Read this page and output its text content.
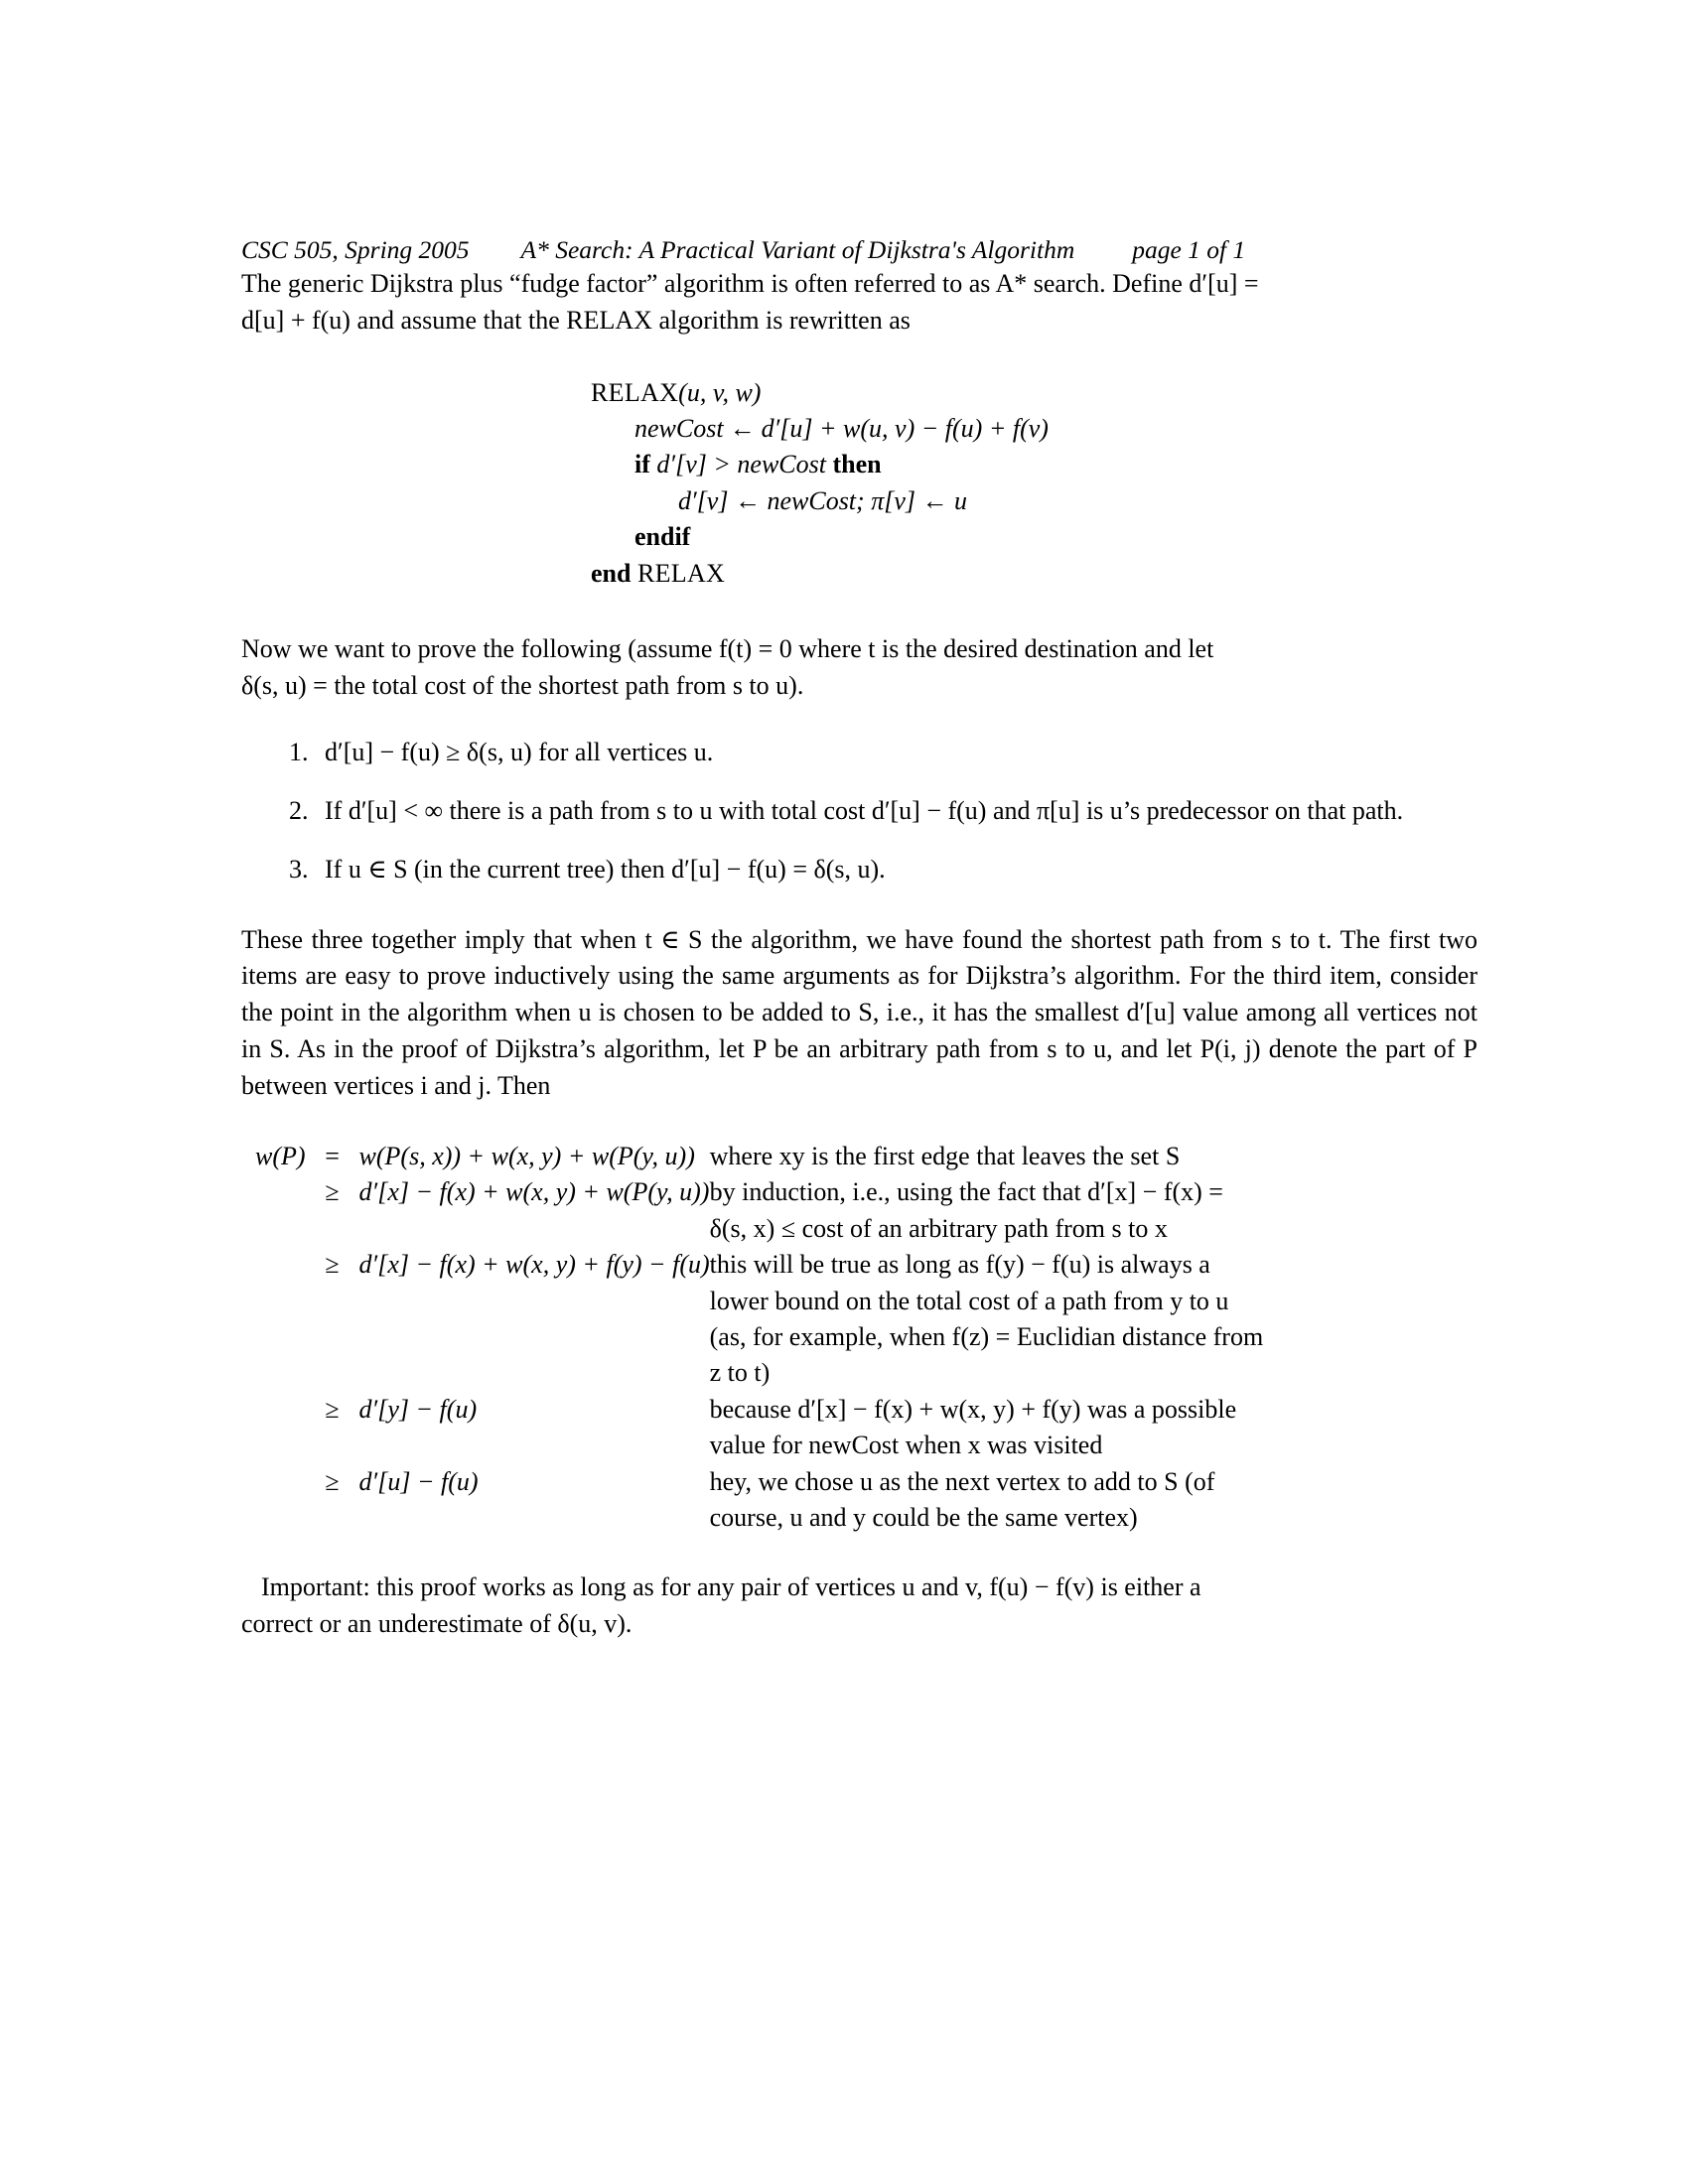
CSC 505, Spring 2005 A* Search: A Practical Variant of Dijkstra's Algorithm page 1 of 1
The generic Dijkstra plus “fudge factor” algorithm is often referred to as A* search. Define d′[u] =
d[u] + f(u) and assume that the RELAX algorithm is rewritten as
RELAX(u, v, w)
newCost ← d′[u] + w(u, v) − f(u) + f(v)
if d′[v] > newCost then
d′[v] ← newCost; π[v] ← u
endif
end RELAX
Now we want to prove the following (assume f(t) = 0 where t is the desired destination and let
δ(s, u) = the total cost of the shortest path from s to u).
1. d′[u] − f(u) ≥ δ(s, u) for all vertices u.
2. If d′[u] < ∞ there is a path from s to u with total cost d′[u] − f(u) and π[u] is u’s predecessor on that path.
3. If u ∈ S (in the current tree) then d′[u] − f(u) = δ(s, u).
These three together imply that when t ∈ S the algorithm, we have found the shortest path from s to t. The first two items are easy to prove inductively using the same arguments as for Dijkstra’s algorithm. For the third item, consider the point in the algorithm when u is chosen to be added to S, i.e., it has the smallest d′[u] value among all vertices not in S. As in the proof of Dijkstra’s algorithm, let P be an arbitrary path from s to u, and let P(i, j) denote the part of P between vertices i and j. Then
w(P)	=	w(P(s, x)) + w(x, y) + w(P(y, u))	where xy is the first edge that leaves the set S
	≥	d′[x] − f(x) + w(x, y) + w(P(y, u))	by induction, i.e., using the fact that d′[x] − f(x) = δ(s, x) ≤ cost of an arbitrary path from s to x
	≥	d′[x] − f(x) + w(x, y) + f(y) − f(u)	this will be true as long as f(y) − f(u) is always a lower bound on the total cost of a path from y to u (as, for example, when f(z) = Euclidian distance from z to t)
	≥	d′[y] − f(u)	because d′[x] − f(x) + w(x, y) + f(y) was a possible value for newCost when x was visited
	≥	d′[u] − f(u)	hey, we chose u as the next vertex to add to S (of course, u and y could be the same vertex)
Important: this proof works as long as for any pair of vertices u and v, f(u) − f(v) is either a
correct or an underestimate of δ(u, v).
